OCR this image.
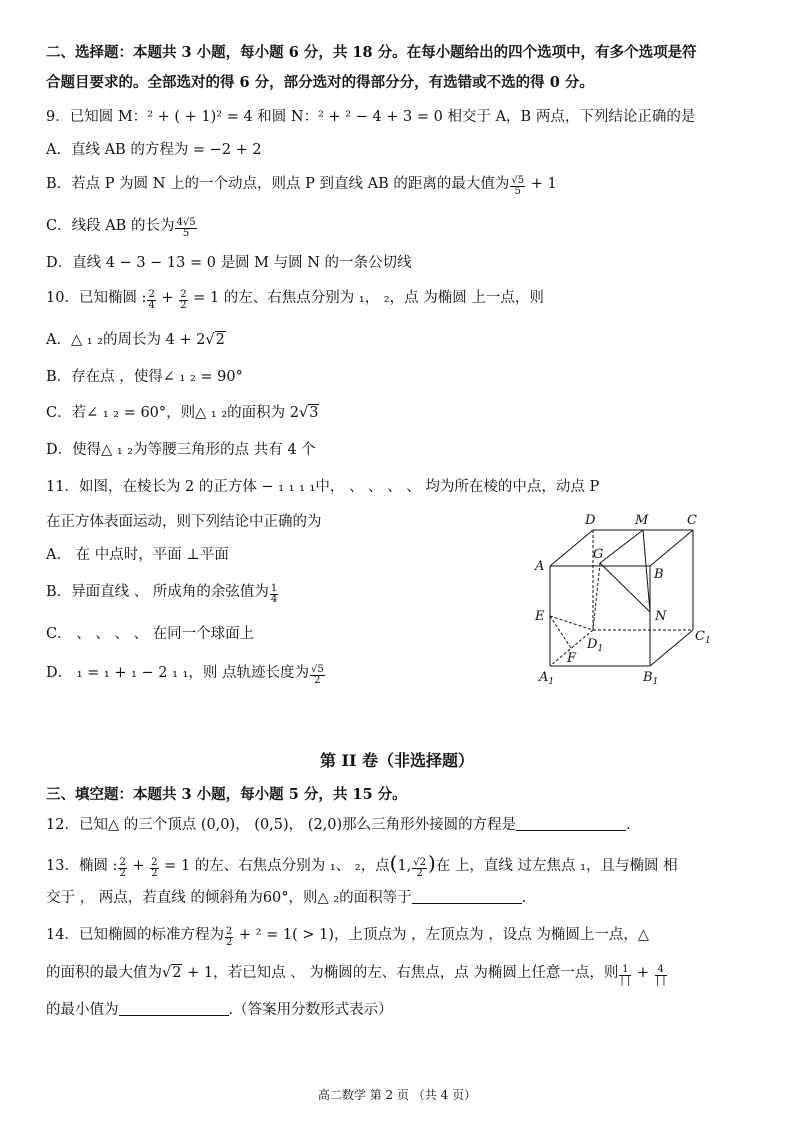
二、选择题：本题共 3 小题，每小题 6 分，共 18 分。在每小题给出的四个选项中，有多个选项是符
合题目要求的。全部选对的得 6 分，部分选对的得部分分，有选错或不选的得 0 分。
9．已知圆 M：² + ( + 1)² = 4 和圆 N：² + ² − 4 + 3 = 0 相交于 A，B 两点，下列结论正确的是
A．直线 AB 的方程为 = −2 + 2
B．若点 P 为圆 N 上的一个动点，则点 P 到直线 AB 的距离的最大值为 $\frac{√5}{5} + 1$
C．线段 AB 的长为 $\frac{4√5}{5}$
D．直线 4 − 3 − 13 = 0 是圆 M 与圆 N 的一条公切线
10．已知椭圆 : $\frac{2}{4} + \frac{2}{2} = 1$ 的左、右焦点分别为 ₁， ₂，点 为椭圆 上一点，则
A．△ ₁ ₂的周长为 4 + 2√2
B．存在点 ，使得∠ ₁ ₂ = 90°
C．若∠ ₁ ₂ = 60°，则△ ₁ ₂的面积为 2√3
D．使得△ ₁ ₂为等腰三角形的点 共有 4 个
11．如图，在棱长为 2 的正方体 − ₁ ₁ ₁ ₁中， 、 、 、 、 均为所在棱的中点，动点 P
在正方体表面运动，则下列结论中正确的为
A． 在 中点时，平面 ⊥平面
B．异面直线 、 所成角的余弦值为 $\frac{1}{4}$
C． 、 、 、 、 在同一个球面上
D． ₁ = ₁ + ₁ − 2 ₁ ₁，则 点轨迹长度为 $\frac{√5}{2}$
D	M	C
G
A
B
N
E
$D_1$
$C_1$
F
$A_1$	$B_1$
第 II 卷（非选择题）
三、填空题：本题共 3 小题，每小题 5 分，共 15 分。
12．已知△ 的三个顶点 (0,0)， (0,5)， (2,0)那么三角形外接圆的方程是	.
13．椭圆 : $\frac{2}{2} + \frac{2}{2} = 1$ 的左、右焦点分别为 ₁、 ₂，点(1, $\frac{√2}{2}$ )在 上，直线 过左焦点 ₁，且与椭圆 相
交于 ， 两点，若直线 的倾斜角为60°，则△ ₂的面积等于	.
14．已知椭圆的标准方程为 $\frac{2}{2} + ^2 = 1( > 1)$，上顶点为 ，左顶点为 ，设点 为椭圆上一点，△
的面积的最大值为√2 + 1，若已知点 、 为椭圆的左、右焦点，点 为椭圆上任意一点，则 $\frac{1}{| |} + \frac{4}{| |}$
的最小值为	.（答案用分数形式表示）
高二数学 第 2 页 （共 4 页）
